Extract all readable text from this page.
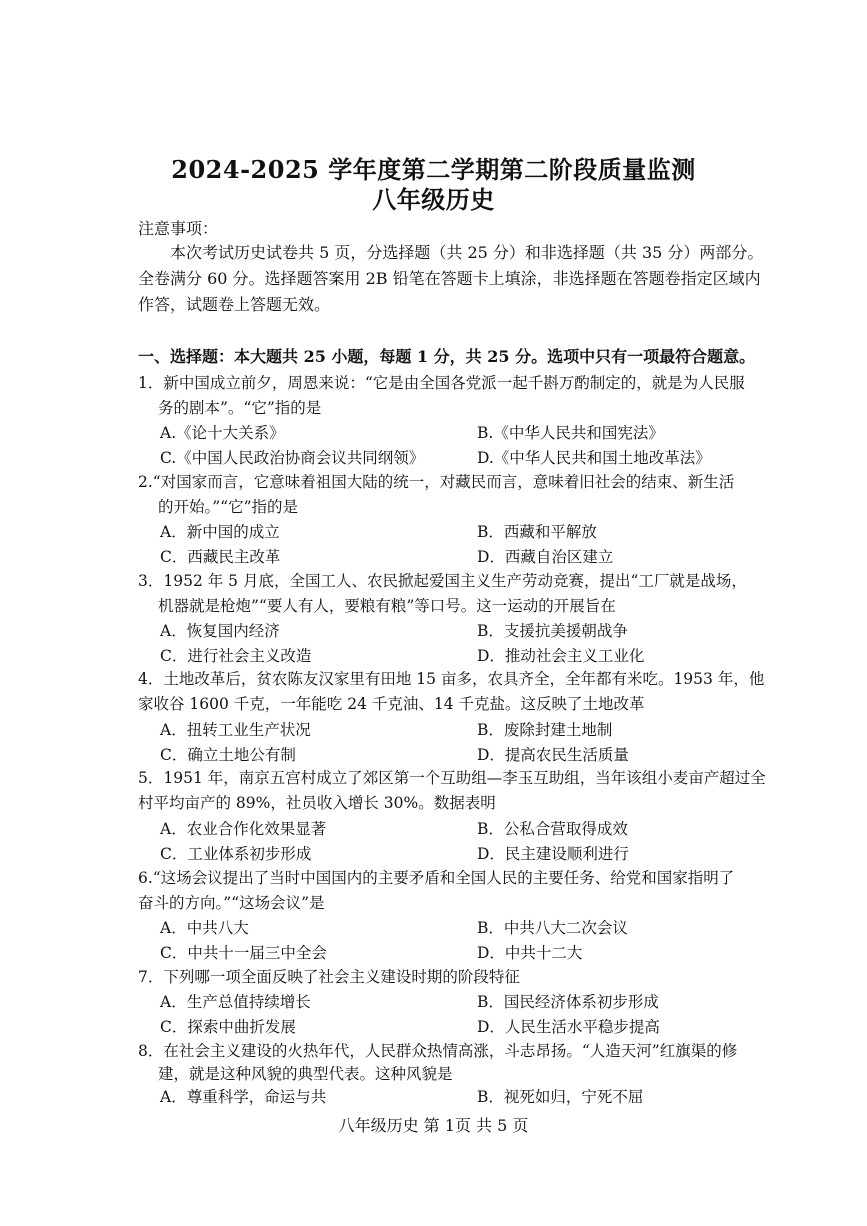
2024-2025 学年度第二学期第二阶段质量监测
八年级历史
注意事项：
本次考试历史试卷共 5 页，分选择题（共 25 分）和非选择题（共 35 分）两部分。全卷满分 60 分。选择题答案用 2B 铅笔在答题卡上填涂，非选择题在答题卷指定区域内作答，试题卷上答题无效。
一、选择题：本大题共 25 小题，每题 1 分，共 25 分。选项中只有一项最符合题意。
1．新中国成立前夕，周恩来说：“它是由全国各党派一起千斟万酌制定的，就是为人民服
务的剧本”。“它”指的是
A.《论十大关系》	B.《中华人民共和国宪法》
C.《中国人民政治协商会议共同纲领》	D.《中华人民共和国土地改革法》
2.“对国家而言，它意味着祖国大陆的统一，对藏民而言，意味着旧社会的结束、新生活
的开始。”“它”指的是
A．新中国的成立	B．西藏和平解放
C．西藏民主改革	D．西藏自治区建立
3．1952 年 5 月底，全国工人、农民掀起爱国主义生产劳动竞赛，提出“工厂就是战场，
机器就是枪炮”“要人有人，要粮有粮”等口号。这一运动的开展旨在
A．恢复国内经济	B．支援抗美援朝战争
C．进行社会主义改造	D．推动社会主义工业化
4．土地改革后，贫农陈友汉家里有田地 15 亩多，农具齐全，全年都有米吃。1953 年，他家收谷 1600 千克，一年能吃 24 千克油、14 千克盐。这反映了土地改革
A．扭转工业生产状况	B．废除封建土地制
C．确立土地公有制	D．提高农民生活质量
5．1951 年，南京五宫村成立了郊区第一个互助组—李玉互助组，当年该组小麦亩产超过全村平均亩产的 89%，社员收入增长 30%。数据表明
A．农业合作化效果显著	B．公私合营取得成效
C．工业体系初步形成	D．民主建设顺利进行
6.“这场会议提出了当时中国国内的主要矛盾和全国人民的主要任务、给党和国家指明了
奋斗的方向。”“这场会议”是
A．中共八大	B．中共八大二次会议
C．中共十一届三中全会	D．中共十二大
7．下列哪一项全面反映了社会主义建设时期的阶段特征
A．生产总值持续增长	B．国民经济体系初步形成
C．探索中曲折发展	D．人民生活水平稳步提高
8．在社会主义建设的火热年代，人民群众热情高涨，斗志昂扬。“人造天河”红旗渠的修
建，就是这种风貌的典型代表。这种风貌是
A．尊重科学，命运与共	B．视死如归，宁死不屈
八年级历史 第 1页 共 5 页
